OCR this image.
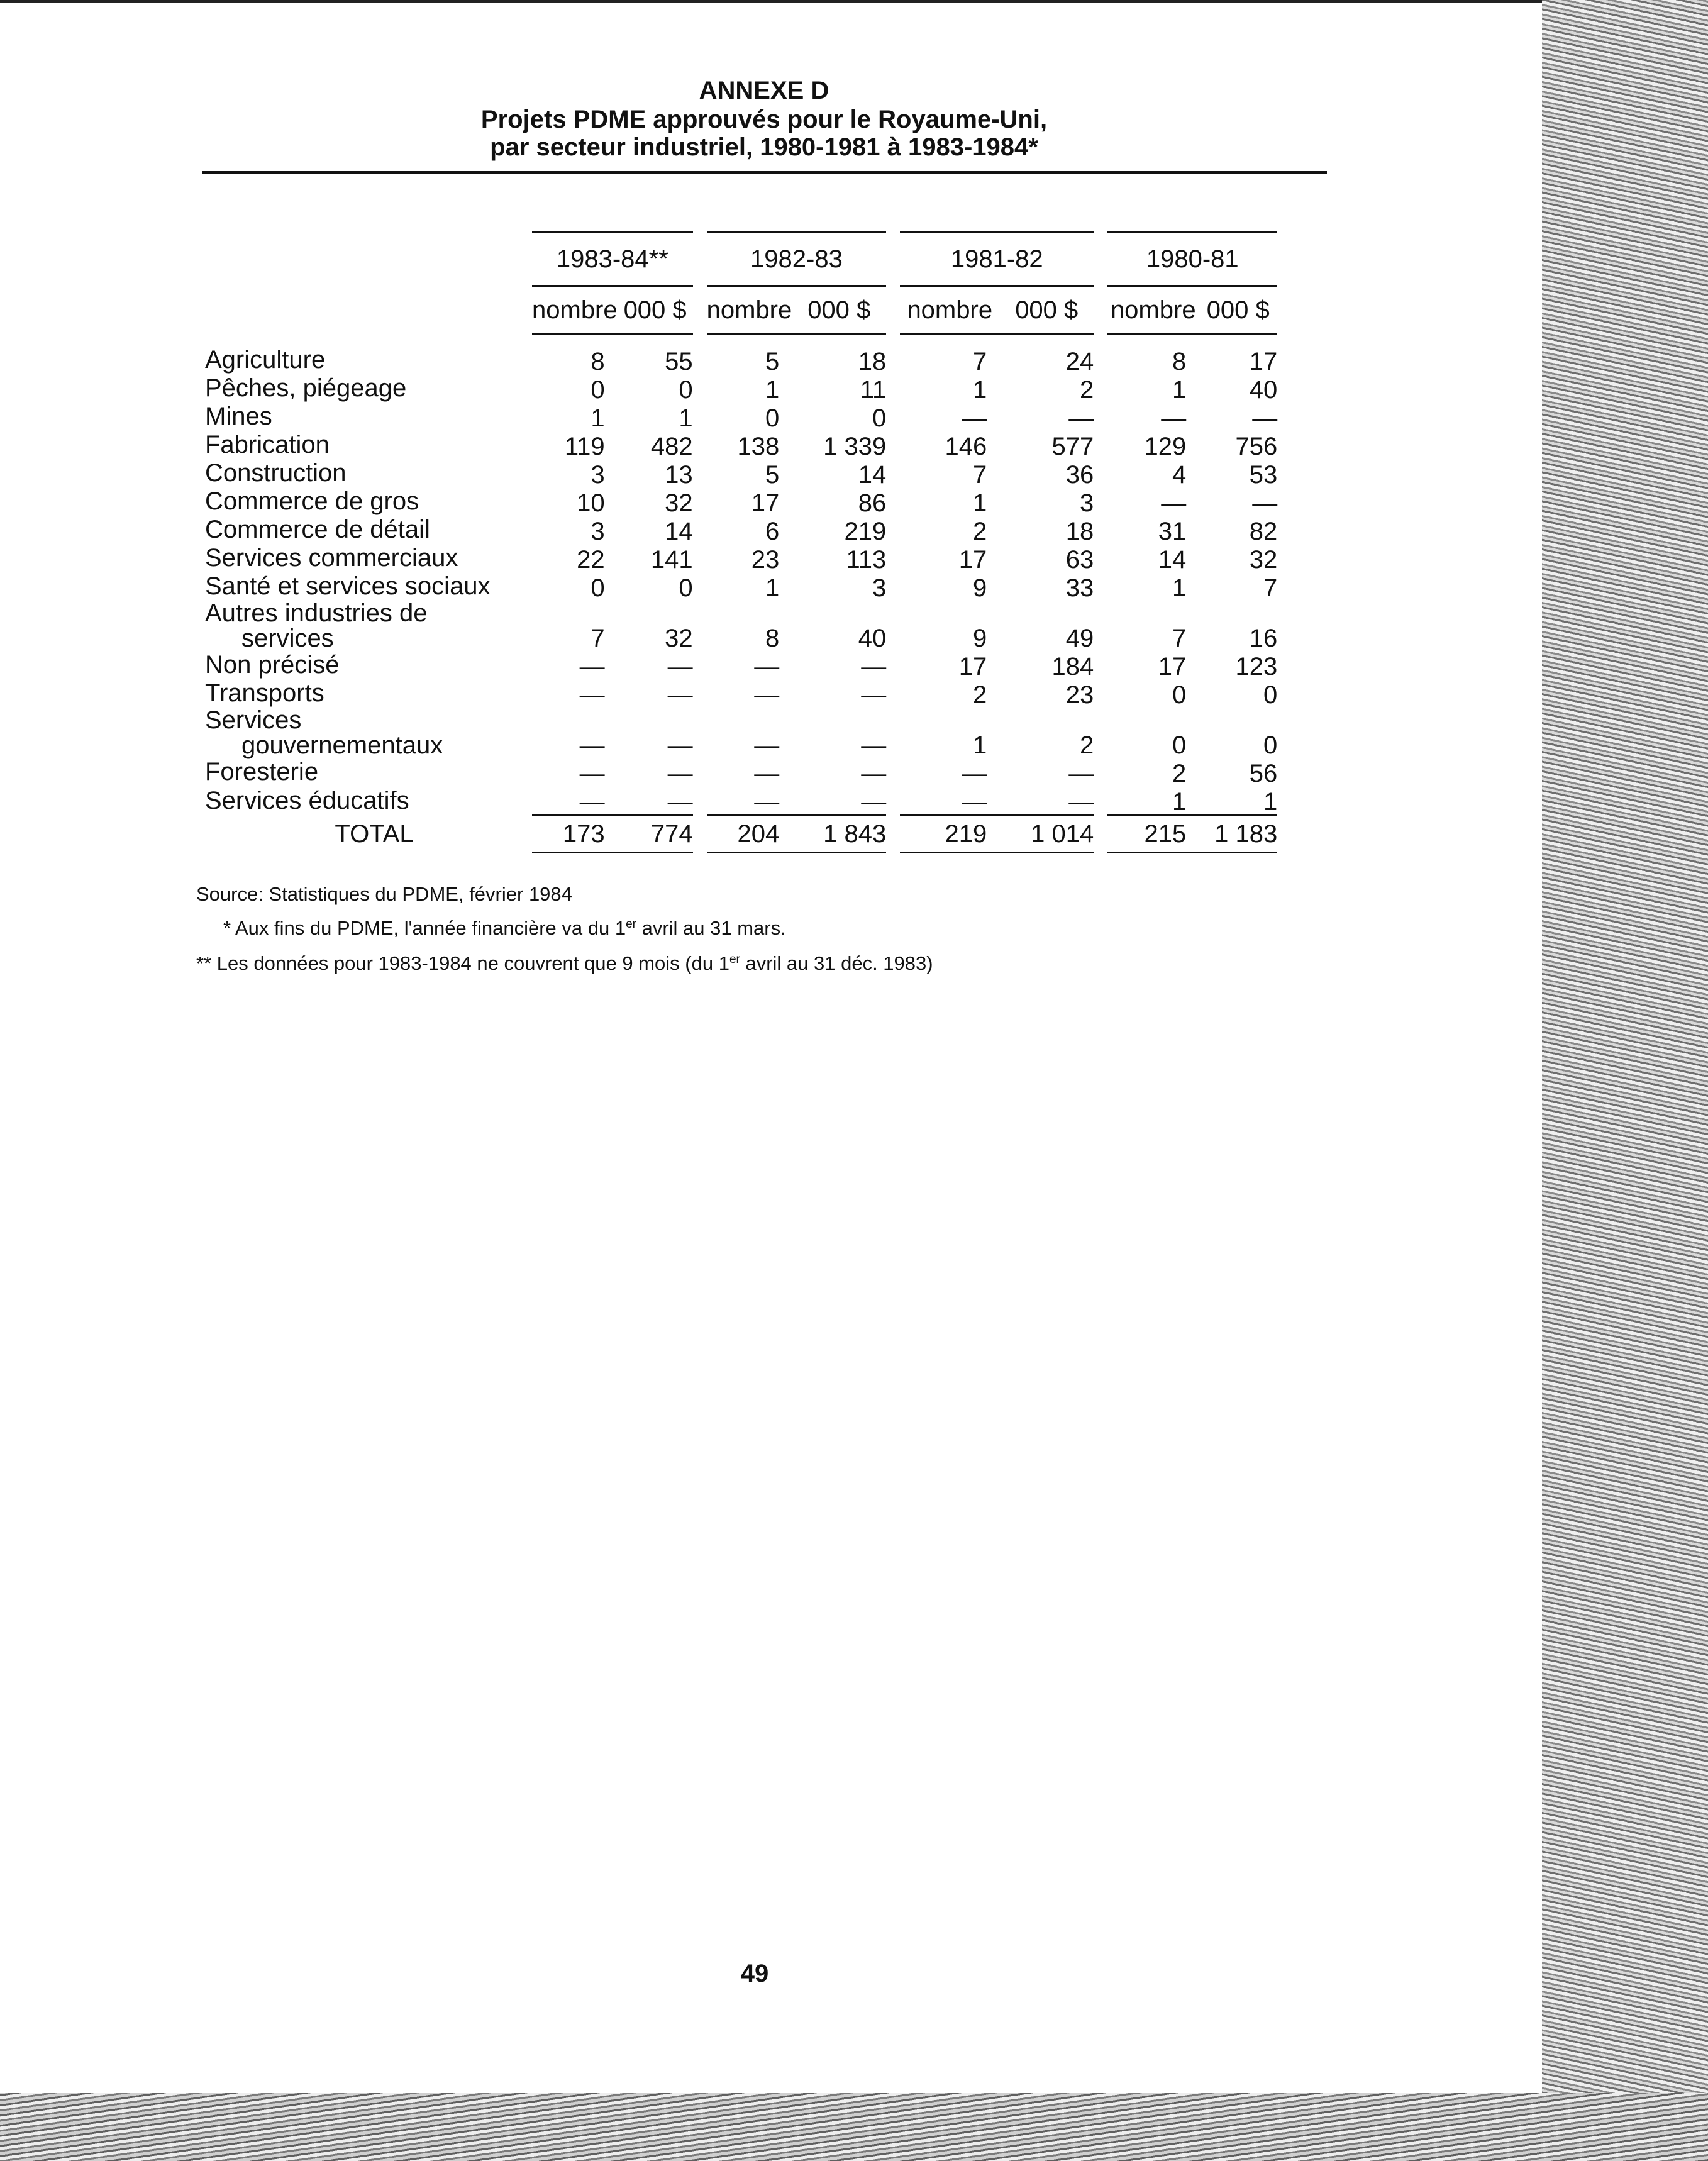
ANNEXE D
Projets PDME approuvés pour le Royaume-Uni,
par secteur industriel, 1980-1981 à 1983-1984*
	1983-84**			1982-83			1981-82			1980-81	
	nombre	000 $		nombre	000 $		nombre	000 $		nombre	000 $

Agriculture	8	55		5	18		7	24		8	17

Pêches, piégeage	0	0		1	11		1	2		1	40

Mines	1	1		0	0		—	—		—	—

Fabrication	119	482		138	1 339		146	577		129	756

Construction	3	13		5	14		7	36		4	53

Commerce de gros	10	32		17	86		1	3		—	—

Commerce de détail	3	14		6	219		2	18		31	82

Services commerciaux	22	141		23	113		17	63		14	32

Santé et services sociaux	0	0		1	3		9	33		1	7

Autres industries de
services	7	32		8	40		9	49		7	16

Non précisé	—	—		—	—		17	184		17	123

Transports	—	—		—	—		2	23		0	0

Services
gouvernementaux	—	—		—	—		1	2		0	0

Foresterie	—	—		—	—		—	—		2	56

Services éducatifs	—	—		—	—		—	—		1	1

TOTAL	173	774		204	1 843		219	1 014		215	1 183
Source: Statistiques du PDME, février 1984
* Aux fins du PDME, l'année financière va du 1er avril au 31 mars.
** Les données pour 1983-1984 ne couvrent que 9 mois (du 1er avril au 31 déc. 1983)
49
